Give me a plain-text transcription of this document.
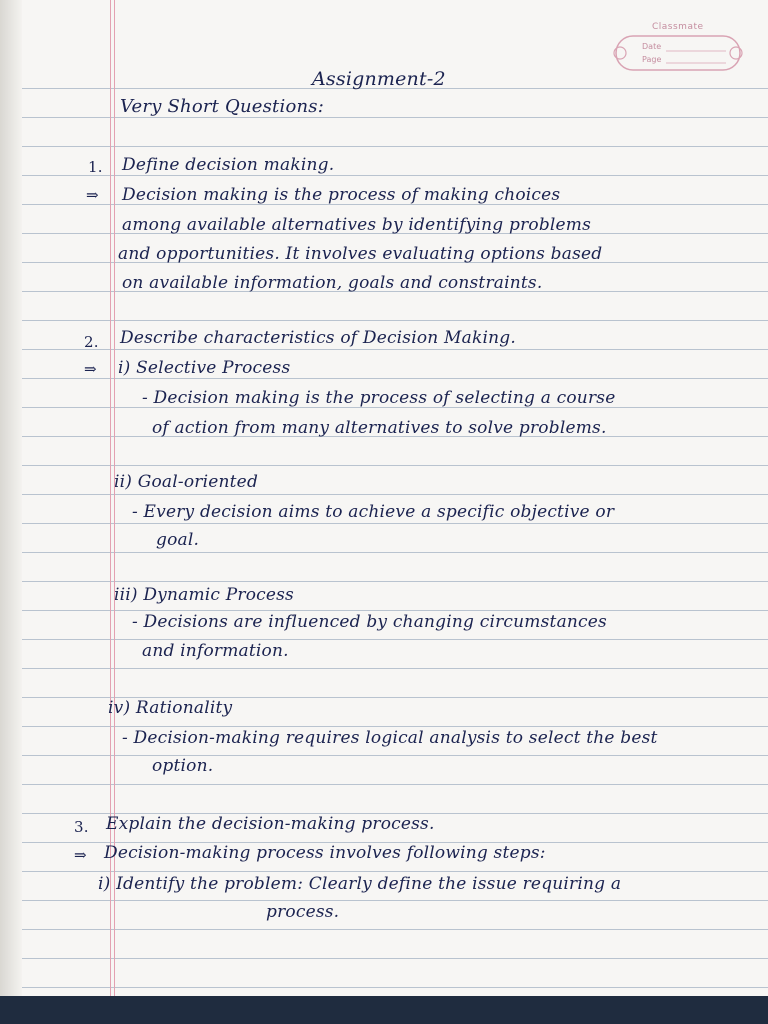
Classmate
Date
Page
Assignment-2
Very Short Questions:
1. Define decision making.
⇒ Decision making is the process of making choices
among available alternatives by identifying problems
and opportunities. It involves evaluating options based
on available information, goals and constraints.
2. Describe characteristics of Decision Making.
⇒ i) Selective Process
- Decision making is the process of selecting a course
of action from many alternatives to solve problems.
ii) Goal-oriented
- Every decision aims to achieve a specific objective or
goal.
iii) Dynamic Process
- Decisions are influenced by changing circumstances
and information.
iv) Rationality
- Decision-making requires logical analysis to select the best
option.
3. Explain the decision-making process.
⇒ Decision-making process involves following steps:
i) Identify the problem: Clearly define the issue requiring a
process.
